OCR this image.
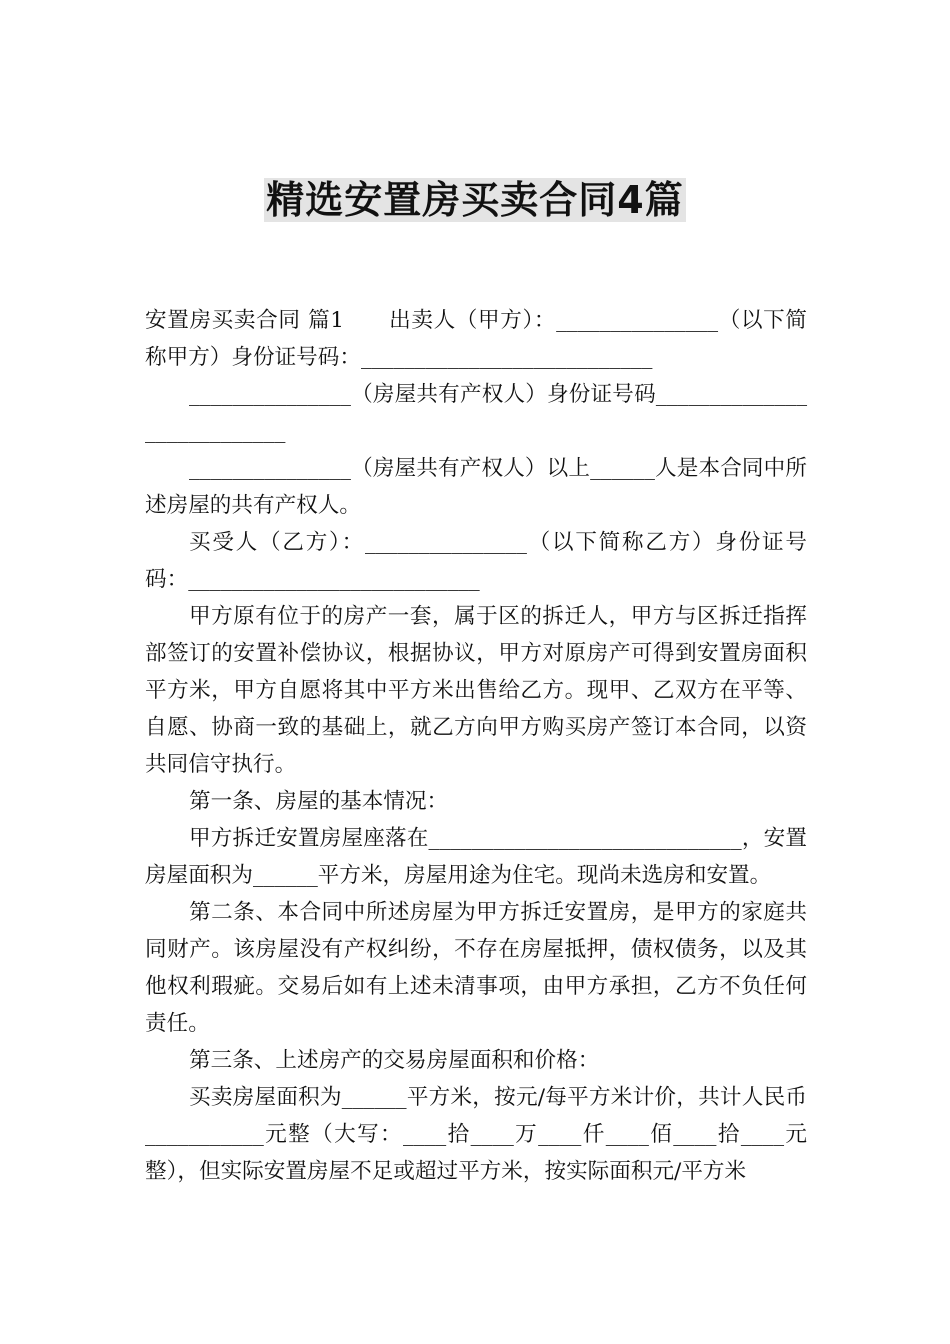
精选安置房买卖合同4篇

安置房买卖合同 篇1　　出卖人（甲方）：_______________（以下简称甲方）身份证号码：___________________________

_______________（房屋共有产权人）身份证号码___________________________

_______________（房屋共有产权人）以上______人是本合同中所述房屋的共有产权人。

买受人（乙方）：_______________（以下简称乙方）身份证号码：___________________________

甲方原有位于的房产一套，属于区的拆迁人，甲方与区拆迁指挥部签订的安置补偿协议，根据协议，甲方对原房产可得到安置房面积平方米，甲方自愿将其中平方米出售给乙方。现甲、乙双方在平等、自愿、协商一致的基础上，就乙方向甲方购买房产签订本合同，以资共同信守执行。

第一条、房屋的基本情况：

甲方拆迁安置房屋座落在_____________________________，安置房屋面积为______平方米，房屋用途为住宅。现尚未选房和安置。

第二条、本合同中所述房屋为甲方拆迁安置房，是甲方的家庭共同财产。该房屋没有产权纠纷，不存在房屋抵押，债权债务，以及其他权利瑕疵。交易后如有上述未清事项，由甲方承担，乙方不负任何责任。

第三条、上述房产的交易房屋面积和价格：

买卖房屋面积为______平方米，按元/每平方米计价，共计人民币___________元整（大写：____拾____万____仟____佰____拾____元整），但实际安置房屋不足或超过平方米，按实际面积元/平方米
